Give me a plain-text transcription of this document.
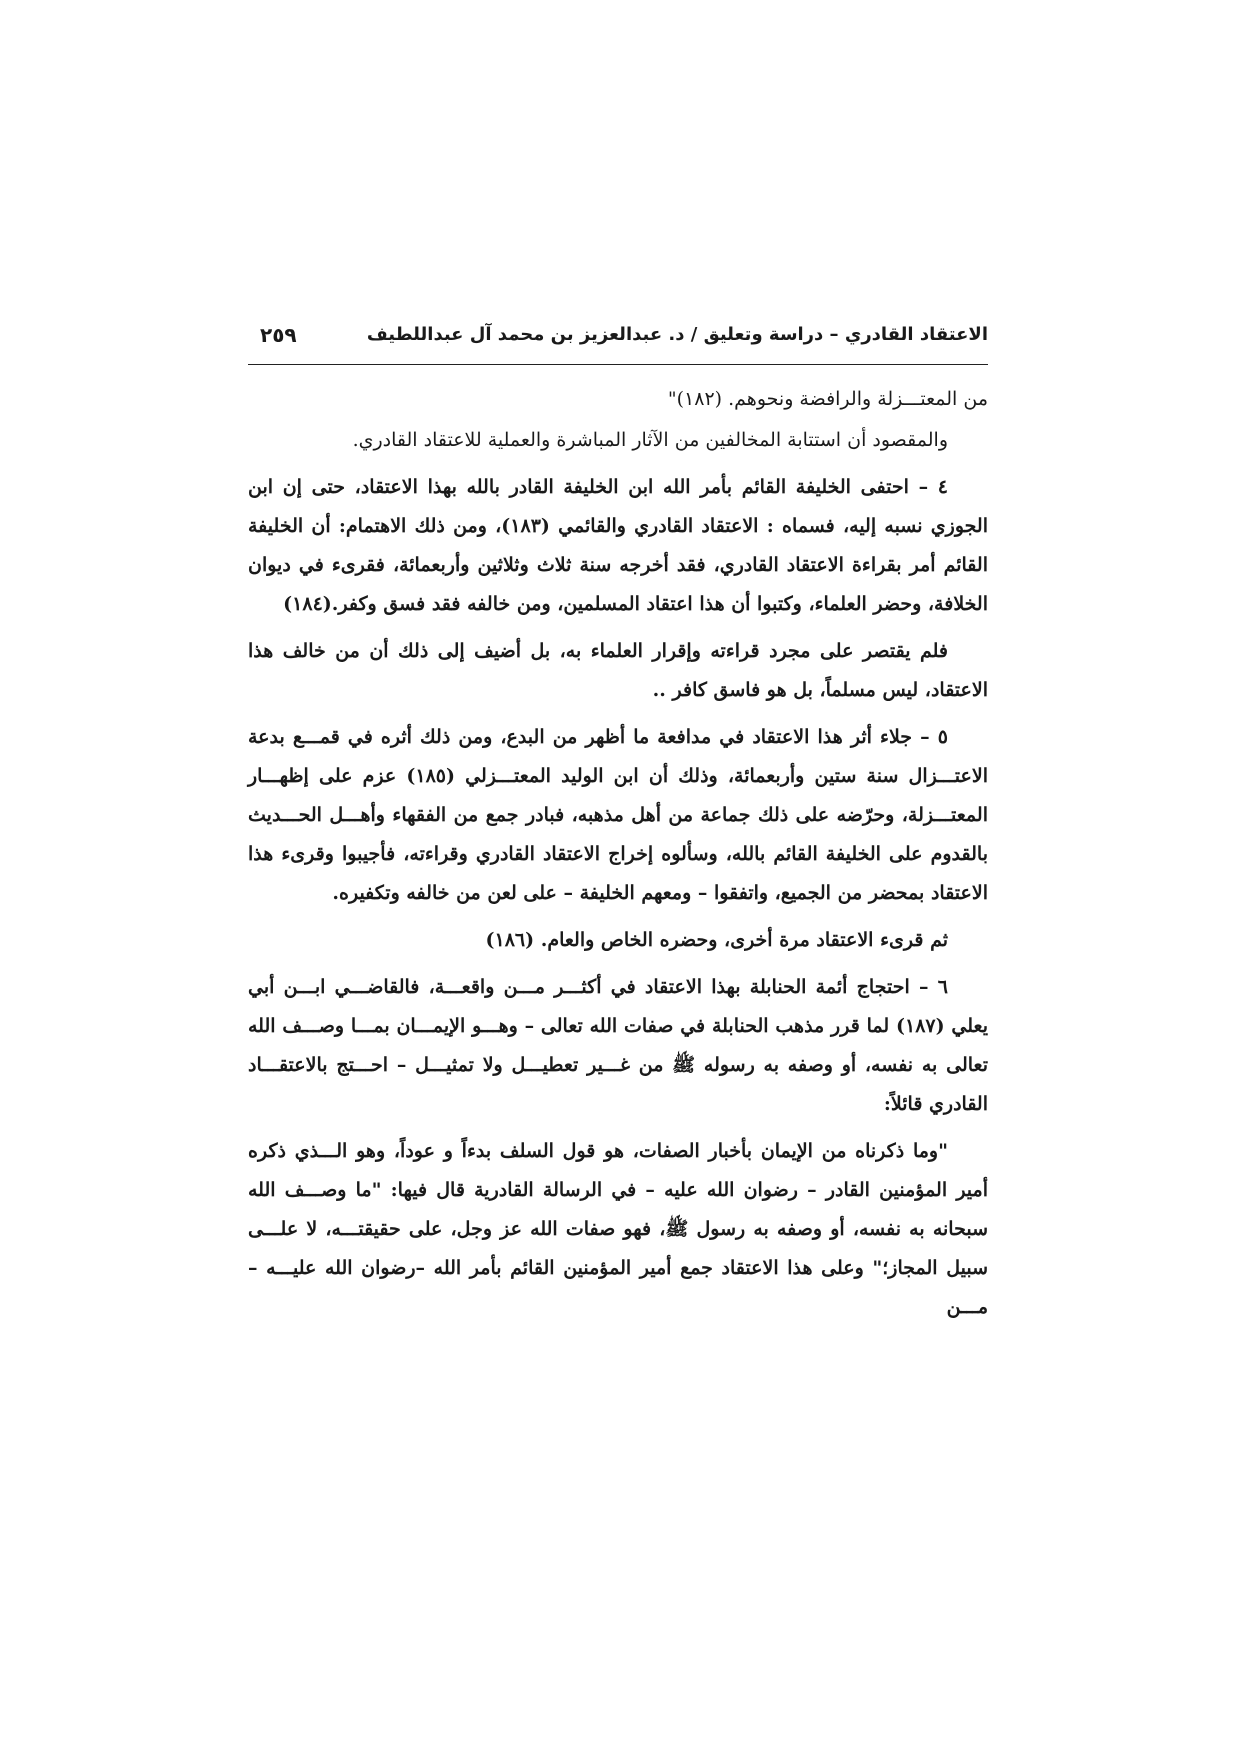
الاعتقاد القادري – دراسة وتعليق / د. عبدالعزيز بن محمد آل عبداللطيف
٢٥٩

من المعتـــزلة والرافضة ونحوهم. (١٨٢)"

والمقصود أن استتابة المخالفين من الآثار المباشرة والعملية للاعتقاد القادري.

٤ – احتفى الخليفة القائم بأمر الله ابن الخليفة القادر بالله بهذا الاعتقاد، حتى إن ابن الجوزي نسبه إليه، فسماه : الاعتقاد القادري والقائمي (١٨٣)، ومن ذلك الاهتمام: أن الخليفة القائم أمر بقراءة الاعتقاد القادري، فقد أخرجه سنة ثلاث وثلاثين وأربعمائة، فقرىء في ديوان الخلافة، وحضر العلماء، وكتبوا أن هذا اعتقاد المسلمين، ومن خالفه فقد فسق وكفر.(١٨٤)

فلم يقتصر على مجرد قراءته وإقرار العلماء به، بل أضيف إلى ذلك أن من خالف هذا الاعتقاد، ليس مسلماً، بل هو فاسق كافر ..

٥ – جلاء أثر هذا الاعتقاد في مدافعة ما أظهر من البدع، ومن ذلك أثره في قمـــع بدعة الاعتـــزال سنة ستين وأربعمائة، وذلك أن ابن الوليد المعتـــزلي (١٨٥) عزم على إظهـــار المعتـــزلة، وحرّضه على ذلك جماعة من أهل مذهبه، فبادر جمع من الفقهاء وأهـــل الحـــديث بالقدوم على الخليفة القائم بالله، وسألوه إخراج الاعتقاد القادري وقراءته، فأجيبوا وقرىء هذا الاعتقاد بمحضر من الجميع، واتفقوا – ومعهم الخليفة – على لعن من خالفه وتكفيره.

ثم قرىء الاعتقاد مرة أخرى، وحضره الخاص والعام. (١٨٦)

٦ – احتجاج أئمة الحنابلة بهذا الاعتقاد في أكثـــر مـــن واقعـــة، فالقاضـــي ابـــن أبي يعلي (١٨٧) لما قرر مذهب الحنابلة في صفات الله تعالى – وهـــو الإيمـــان بمـــا وصـــف الله تعالى به نفسه، أو وصفه به رسوله ﷺ من غـــير تعطيـــل ولا تمثيـــل – احـــتج بالاعتقـــاد القادري قائلاً:

"وما ذكرناه من الإيمان بأخبار الصفات، هو قول السلف بدءاً و عوداً، وهو الـــذي ذكره أمير المؤمنين القادر – رضوان الله عليه – في الرسالة القادرية قال فيها: "ما وصـــف الله سبحانه به نفسه، أو وصفه به رسول ﷺ، فهو صفات الله عز وجل، على حقيقتـــه، لا علـــى سبيل المجاز؛" وعلى هذا الاعتقاد جمع أمير المؤمنين القائم بأمر الله –رضوان الله عليـــه – مـــن
